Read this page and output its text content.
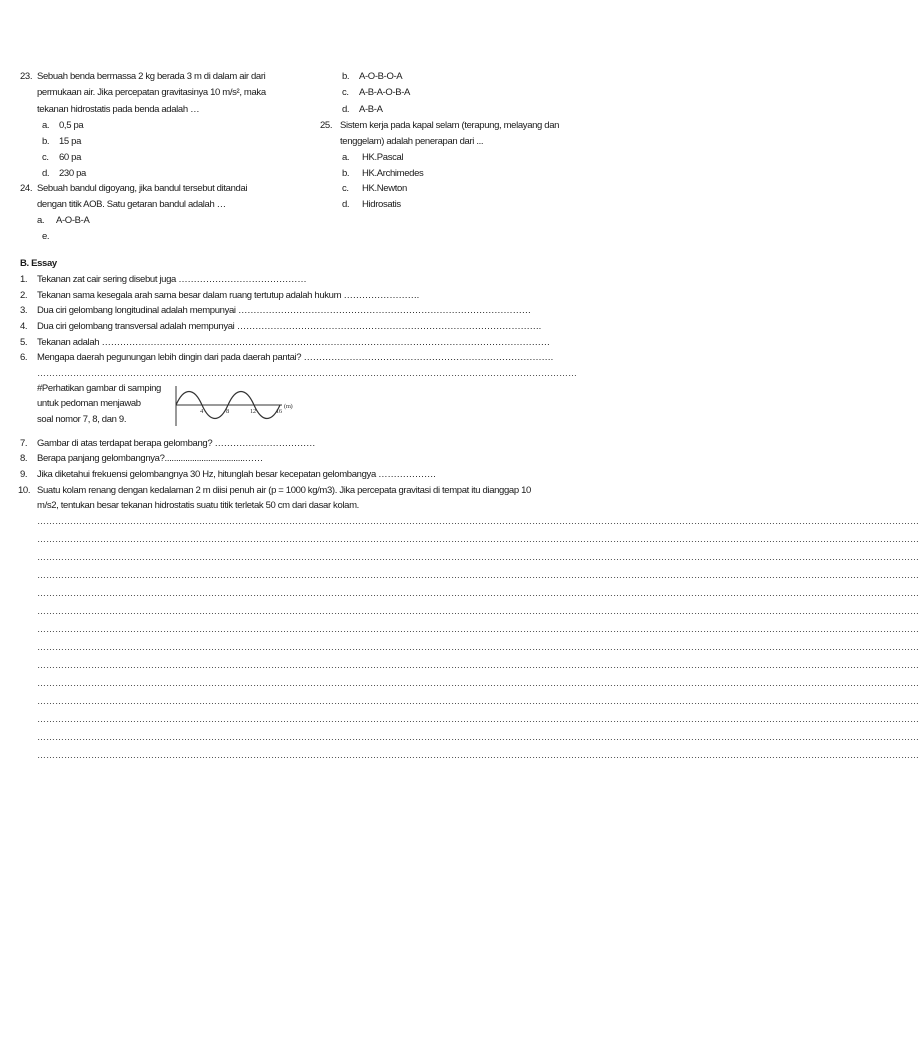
23. Sebuah benda bermassa 2 kg berada 3 m di dalam air dari
permukaan air. Jika percepatan gravitasinya 10 m/s², maka
tekanan hidrostatis pada benda adalah …
a. 0,5 pa
b. 15 pa
c. 60 pa
d. 230 pa
24. Sebuah bandul digoyang, jika bandul tersebut ditandai
dengan titik AOB. Satu getaran bandul adalah …
a. A-O-B-A
e.
b. A-O-B-O-A
c. A-B-A-O-B-A
d. A-B-A
25. Sistem kerja pada kapal selam (terapung, melayang dan
tenggelam) adalah penerapan dari ...
a. HK.Pascal
b. HK.Archimedes
c. HK.Newton
d. Hidrosatis
B. Essay
1. Tekanan zat cair sering disebut juga ……………………………………
2. Tekanan sama kesegala arah sama besar dalam ruang tertutup adalah hukum …………………….
3. Dua ciri gelombang longitudinal adalah mempunyai ……………………………………………………………………………………
4. Dua ciri gelombang transversal adalah mempunyai ……………………………………………………………………………………….
5. Tekanan adalah …………………………………………………………………………………………………………………………………
6. Mengapa daerah pegunungan lebih dingin dari pada daerah pantai? ……………………………………………………………………….
………………………………………………………………………………………………………………………………………………………………
#Perhatikan gambar di samping
untuk pedoman menjawab
soal nomor 7, 8, dan 9.
4	8	12	16
(m)
7. Gambar di atas terdapat berapa gelombang? ……………………………
8. Berapa panjang gelombangnya?...................................……
9. Jika diketahui frekuensi gelombangnya 30 Hz, hitunglah besar kecepatan gelombangya ……………….
10. Suatu kolam renang dengan kedalaman 2 m diisi penuh air (p = 1000 kg/m3). Jika percepata gravitasi di tempat itu dianggap 10
m/s2, tentukan besar tekanan hidrostatis suatu titik terletak 50 cm dari dasar kolam.
……………………………………………………………………………………………………………………………………………………………………………………………………………………………………………………………………
……………………………………………………………………………………………………………………………………………………………………………………………………………………………………………………………………
……………………………………………………………………………………………………………………………………………………………………………………………………………………………………………………………………
……………………………………………………………………………………………………………………………………………………………………………………………………………………………………………………………………
……………………………………………………………………………………………………………………………………………………………………………………………………………………………………………………………………
……………………………………………………………………………………………………………………………………………………………………………………………………………………………………………………………………
……………………………………………………………………………………………………………………………………………………………………………………………………………………………………………………………………
……………………………………………………………………………………………………………………………………………………………………………………………………………………………………………………………………
……………………………………………………………………………………………………………………………………………………………………………………………………………………………………………………………………
……………………………………………………………………………………………………………………………………………………………………………………………………………………………………………………………………
……………………………………………………………………………………………………………………………………………………………………………………………………………………………………………………………………
……………………………………………………………………………………………………………………………………………………………………………………………………………………………………………………………………
……………………………………………………………………………………………………………………………………………………………………………………………………………………………………………………………………
……………………………………………………………………………………………………………………………………………………………………………………………………………………………………………………………………
